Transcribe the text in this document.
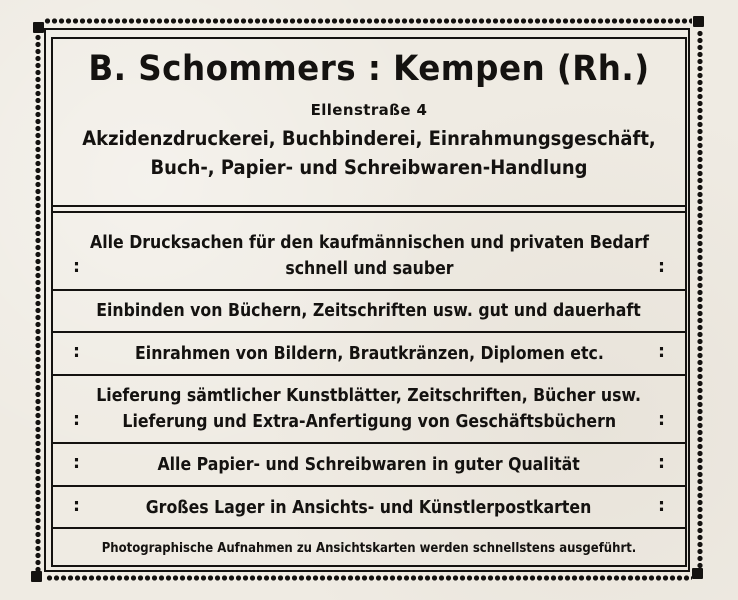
B. Schommers : Kempen (Rh.)
Ellenstraße 4
Akzidenzdruckerei, Buchbinderei, Einrahmungsgeschäft,
Buch-, Papier- und Schreibwaren-Handlung
Alle Drucksachen für den kaufmännischen und privaten Bedarf
:	schnell und sauber	:
Einbinden von Büchern, Zeitschriften usw. gut und dauerhaft
:	Einrahmen von Bildern, Brautkränzen, Diplomen etc.	:
Lieferung sämtlicher Kunstblätter, Zeitschriften, Bücher usw.
: Lieferung und Extra-Anfertigung von Geschäftsbüchern :
:	Alle Papier- und Schreibwaren in guter Qualität	:
:	Großes Lager in Ansichts- und Künstlerpostkarten	:
Photographische Aufnahmen zu Ansichtskarten werden schnellstens ausgeführt.
